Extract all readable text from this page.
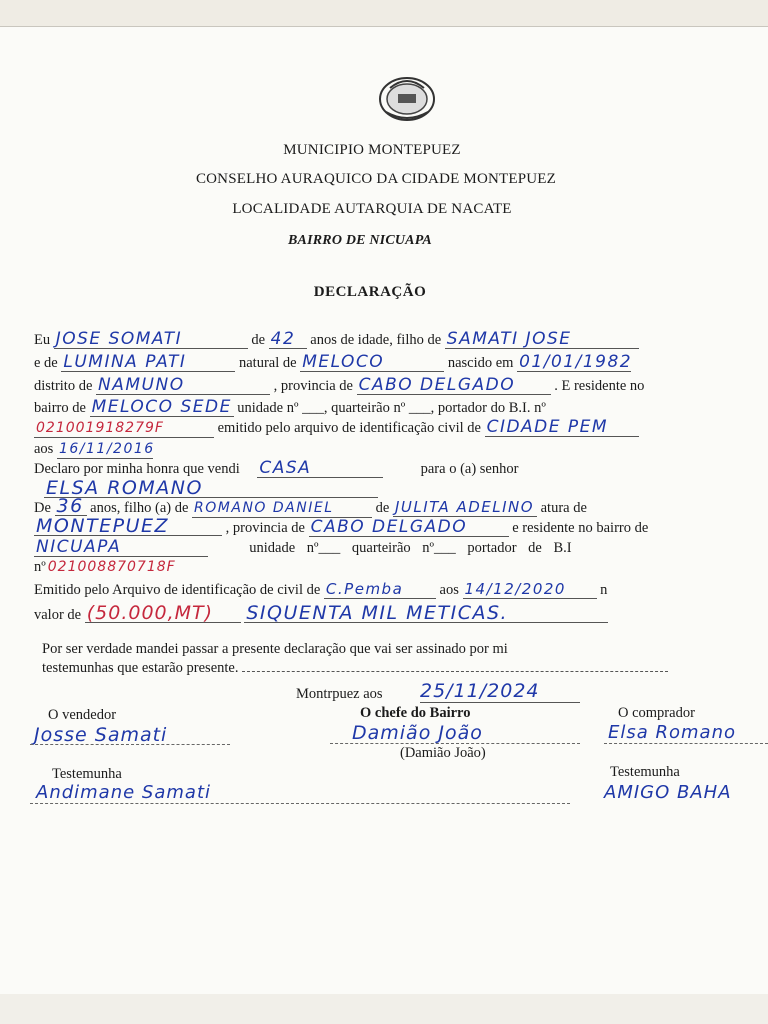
MUNICIPIO MONTEPUEZ
CONSELHO AURAQUICO DA CIDADE MONTEPUEZ
LOCALIDADE AUTARQUIA DE NACATE
BAIRRO DE NICUAPA
DECLARAÇÃO
Eu JOSE SOMATI	de 42 anos de idade, filho de SAMATI JOSE
e de LUMINA PATI	natural de MELOCO	nascido em 01/01/1982
distrito de NAMUNO	, provincia de CABO DELGADO	. E residente no
bairro de MELOCO SEDE unidade nº ___, quarteirão nº ___, portador do B.I. nº
021001918279F	emitido pelo arquivo de identificação civil de CIDADE PEM
aos 16/11/2016
Declaro por minha honra que vendi CASA	para o (a) senhor
ELSA ROMANO
De 36 anos, filho (a) de ROMANO DANIEL	de JULITA ADELINO atura de
MONTEPUEZ	, provincia de CABO DELGADO	e residente no bairro de
NICUAPA	unidade nº___ quarteirão nº___ portador de B.I
nº 021008870718F
Emitido pelo Arquivo de identificação de civil de C.Pemba	aos 14/12/2020 n
valor de (50.000,MT) SIQUENTA MIL METICAS.
Por ser verdade mandei passar a presente declaração que vai ser assinado por mi
testemunhas que estarão presente.
Montrpuez aos 25/11/2024
O vendedor	O chefe do Bairro	O comprador
Josse Samati	Damião João
(Damião João)
Elsa Romano
Testemunha	Testemunha
Andimane Samati	AMIGO BAHA
